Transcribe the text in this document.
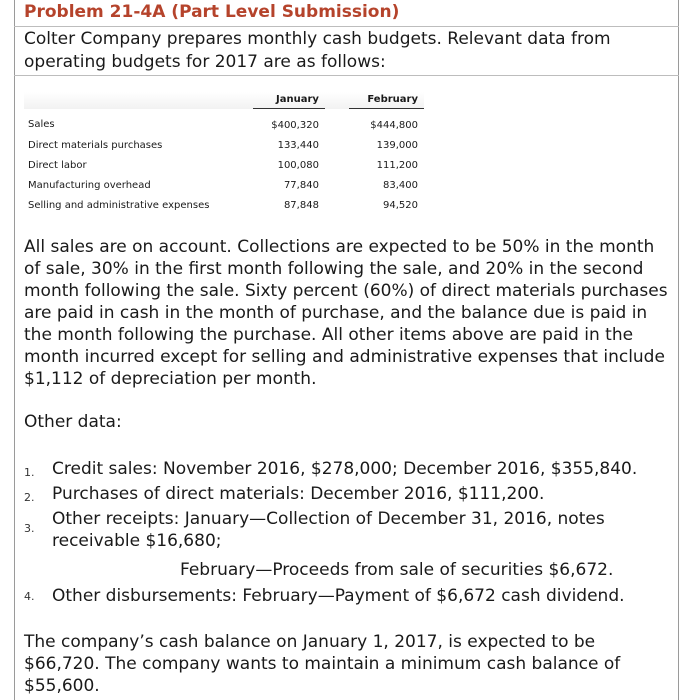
Problem 21-4A (Part Level Submission)
Colter Company prepares monthly cash budgets. Relevant data from operating budgets for 2017 are as follows:
	January		February
Sales	$400,320		$444,800
Direct materials purchases	133,440		139,000
Direct labor	100,080		111,200
Manufacturing overhead	77,840		83,400
Selling and administrative expenses	87,848		94,520
All sales are on account. Collections are expected to be 50% in the month of sale, 30% in the first month following the sale, and 20% in the second month following the sale. Sixty percent (60%) of direct materials purchases are paid in cash in the month of purchase, and the balance due is paid in the month following the purchase. All other items above are paid in the month incurred except for selling and administrative expenses that include $1,112 of depreciation per month.
Other data:
1. Credit sales: November 2016, $278,000; December 2016, $355,840.
2. Purchases of direct materials: December 2016, $111,200.
3. Other receipts: January—Collection of December 31, 2016, notes receivable $16,680;
February—Proceeds from sale of securities $6,672.
4. Other disbursements: February—Payment of $6,672 cash dividend.
The company’s cash balance on January 1, 2017, is expected to be $66,720. The company wants to maintain a minimum cash balance of $55,600.
